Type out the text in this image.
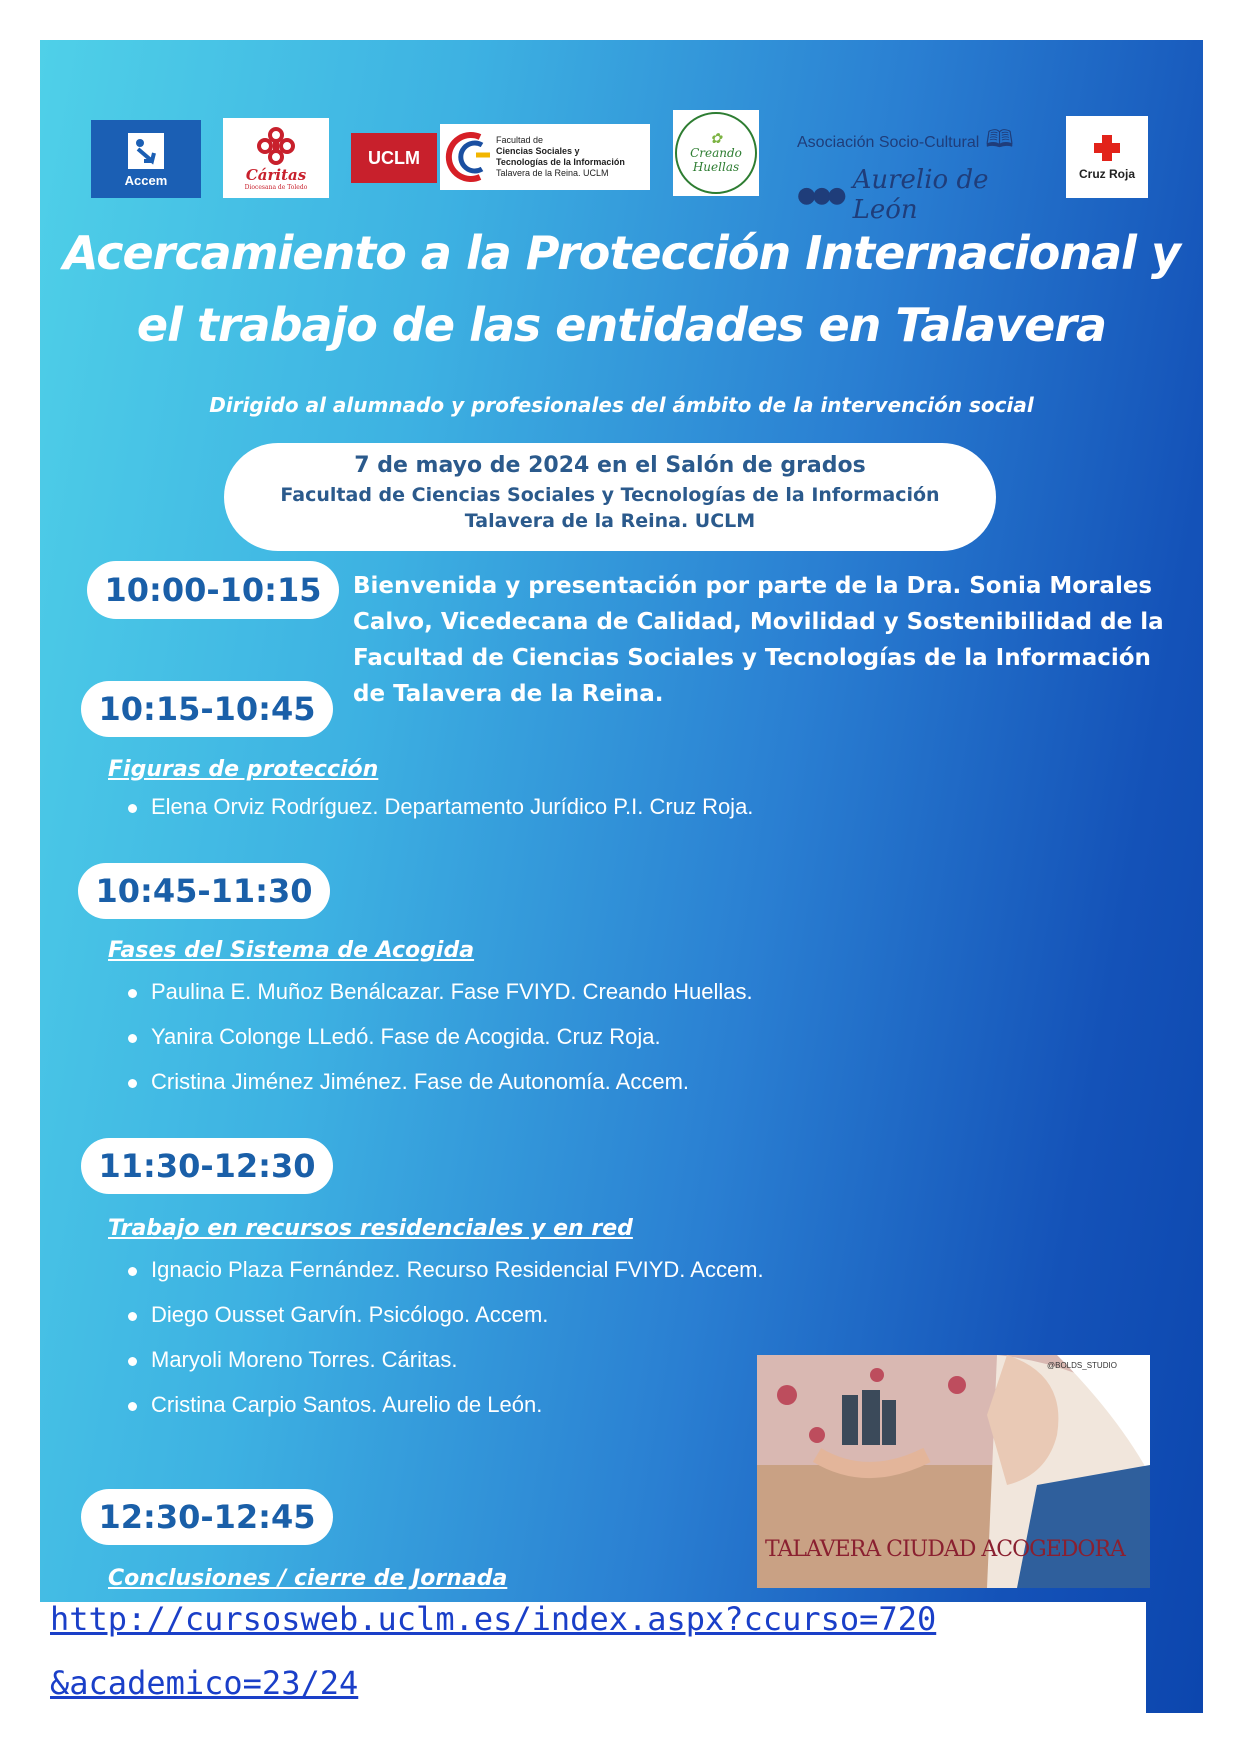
Accem	Cáritas
Diocesana de Toledo
UCLM
Facultad de
Ciencias Sociales y
Tecnologías de la Información
Talavera de la Reina. UCLM
✿
Creando
Huellas
Asociación Socio-Cultural 🕮
●●● Aurelio de León
Cruz Roja
Acercamiento a la Protección Internacional y
el trabajo de las entidades en Talavera
Dirigido al alumnado y profesionales del ámbito de la intervención social
7 de mayo de 2024 en el Salón de grados
Facultad de Ciencias Sociales y Tecnologías de la Información
Talavera de la Reina. UCLM
10:00-10:15	Bienvenida y presentación por parte de la Dra. Sonia Morales Calvo, Vicedecana de Calidad, Movilidad y Sostenibilidad de la Facultad de Ciencias Sociales y Tecnologías de la Información de Talavera de la Reina.
10:15-10:45
Figuras de protección
Elena Orviz Rodríguez. Departamento Jurídico P.I. Cruz Roja.
10:45-11:30
Fases del Sistema de Acogida
Paulina E. Muñoz Benálcazar. Fase FVIYD. Creando Huellas.
Yanira Colonge LLedó. Fase de Acogida. Cruz Roja.
Cristina Jiménez Jiménez. Fase de Autonomía. Accem.
11:30-12:30
Trabajo en recursos residenciales y en red
Ignacio Plaza Fernández. Recurso Residencial FVIYD. Accem.
Diego Ousset Garvín. Psicólogo. Accem.
Maryoli Moreno Torres. Cáritas.
Cristina Carpio Santos. Aurelio de León.
12:30-12:45
Conclusiones / cierre de Jornada
@BOLDS_STUDIO
TALAVERA CIUDAD ACOGEDORA
http://cursosweb.uclm.es/index.aspx?ccurso=720
&academico=23/24
